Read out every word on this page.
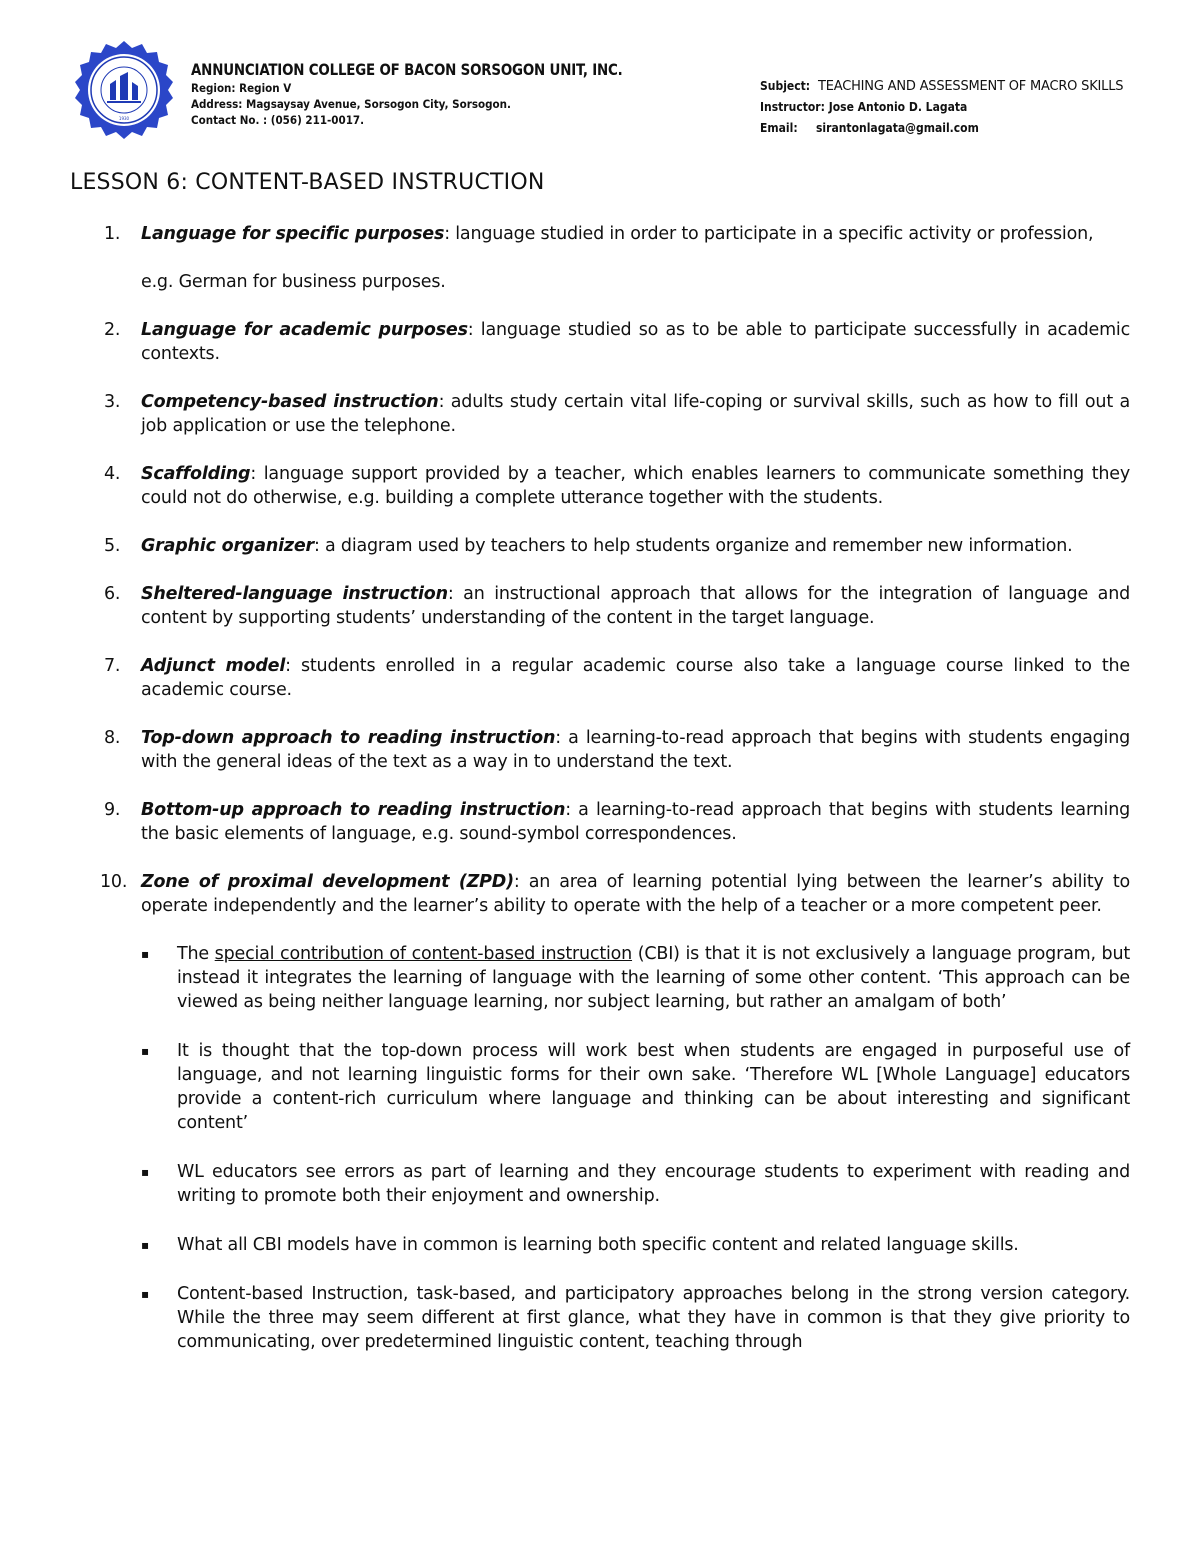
1930
ANNUNCIATION COLLEGE OF BACON SORSOGON UNIT, INC.
Region: Region V
Address: Magsaysay Avenue, Sorsogon City, Sorsogon.
Contact No. : (056) 211-0017.
Subject: TEACHING AND ASSESSMENT OF MACRO SKILLS
Instructor: Jose Antonio D. Lagata
Email: sirantonlagata@gmail.com
LESSON 6: CONTENT-BASED INSTRUCTION
1. Language for specific purposes: language studied in order to participate in a specific activity or profession,
e.g. German for business purposes.
2. Language for academic purposes: language studied so as to be able to participate successfully in academic contexts.
3. Competency-based instruction: adults study certain vital life-coping or survival skills, such as how to fill out a job application or use the telephone.
4. Scaffolding: language support provided by a teacher, which enables learners to communicate something they could not do otherwise, e.g. building a complete utterance together with the students.
5. Graphic organizer: a diagram used by teachers to help students organize and remember new information.
6. Sheltered-language instruction: an instructional approach that allows for the integration of language and content by supporting students’ understanding of the content in the target language.
7. Adjunct model: students enrolled in a regular academic course also take a language course linked to the academic course.
8. Top-down approach to reading instruction: a learning-to-read approach that begins with students engaging with the general ideas of the text as a way in to understand the text.
9. Bottom-up approach to reading instruction: a learning-to-read approach that begins with students learning the basic elements of language, e.g. sound-symbol correspondences.
10. Zone of proximal development (ZPD): an area of learning potential lying between the learner’s ability to operate independently and the learner’s ability to operate with the help of a teacher or a more competent peer.
▪ The special contribution of content-based instruction (CBI) is that it is not exclusively a language program, but instead it integrates the learning of language with the learning of some other content. ‘This approach can be viewed as being neither language learning, nor subject learning, but rather an amalgam of both’
▪ It is thought that the top-down process will work best when students are engaged in purposeful use of language, and not learning linguistic forms for their own sake. ‘Therefore WL [Whole Language] educators provide a content-rich curriculum where language and thinking can be about interesting and significant content’
▪ WL educators see errors as part of learning and they encourage students to experiment with reading and writing to promote both their enjoyment and ownership.
▪ What all CBI models have in common is learning both specific content and related language skills.
▪ Content-based Instruction, task-based, and participatory approaches belong in the strong version category. While the three may seem different at first glance, what they have in common is that they give priority to communicating, over predetermined linguistic content, teaching through
